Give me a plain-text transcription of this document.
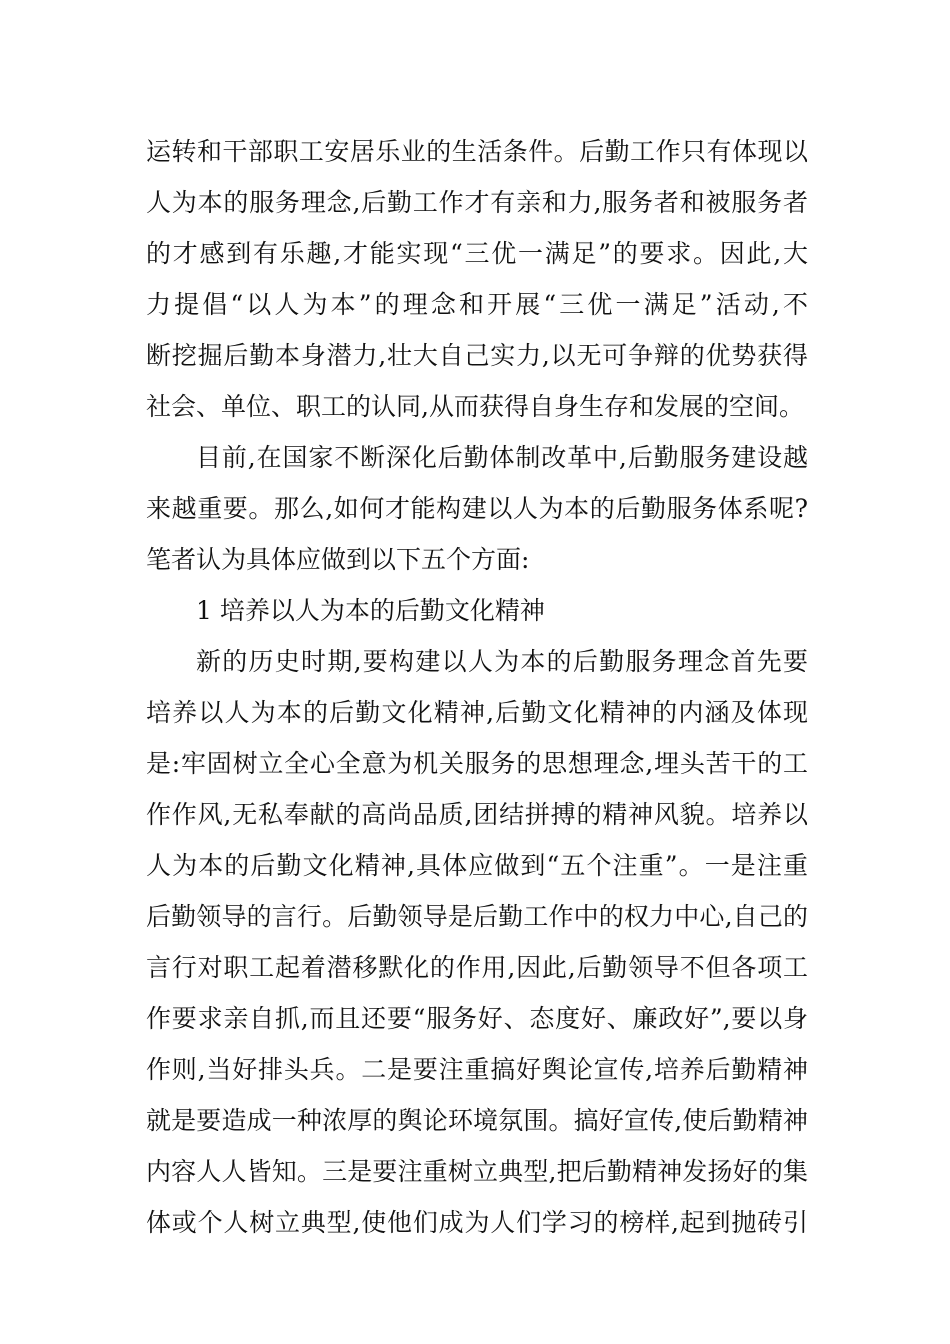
运转和干部职工安居乐业的生活条件。后勤工作只有体现以
人为本的服务理念,后勤工作才有亲和力,服务者和被服务者
的才感到有乐趣,才能实现“三优一满足”的要求。因此,大
力提倡“以人为本”的理念和开展“三优一满足”活动,不
断挖掘后勤本身潜力,壮大自己实力,以无可争辩的优势获得
社会、单位、职工的认同,从而获得自身生存和发展的空间。
目前,在国家不断深化后勤体制改革中,后勤服务建设越
来越重要。那么,如何才能构建以人为本的后勤服务体系呢?
笔者认为具体应做到以下五个方面:
1 培养以人为本的后勤文化精神
新的历史时期,要构建以人为本的后勤服务理念首先要
培养以人为本的后勤文化精神,后勤文化精神的内涵及体现
是:牢固树立全心全意为机关服务的思想理念,埋头苦干的工
作作风,无私奉献的高尚品质,团结拼搏的精神风貌。培养以
人为本的后勤文化精神,具体应做到“五个注重”。一是注重
后勤领导的言行。后勤领导是后勤工作中的权力中心,自己的
言行对职工起着潜移默化的作用,因此,后勤领导不但各项工
作要求亲自抓,而且还要“服务好、态度好、廉政好”,要以身
作则,当好排头兵。二是要注重搞好舆论宣传,培养后勤精神
就是要造成一种浓厚的舆论环境氛围。搞好宣传,使后勤精神
内容人人皆知。三是要注重树立典型,把后勤精神发扬好的集
体或个人树立典型,使他们成为人们学习的榜样,起到抛砖引
